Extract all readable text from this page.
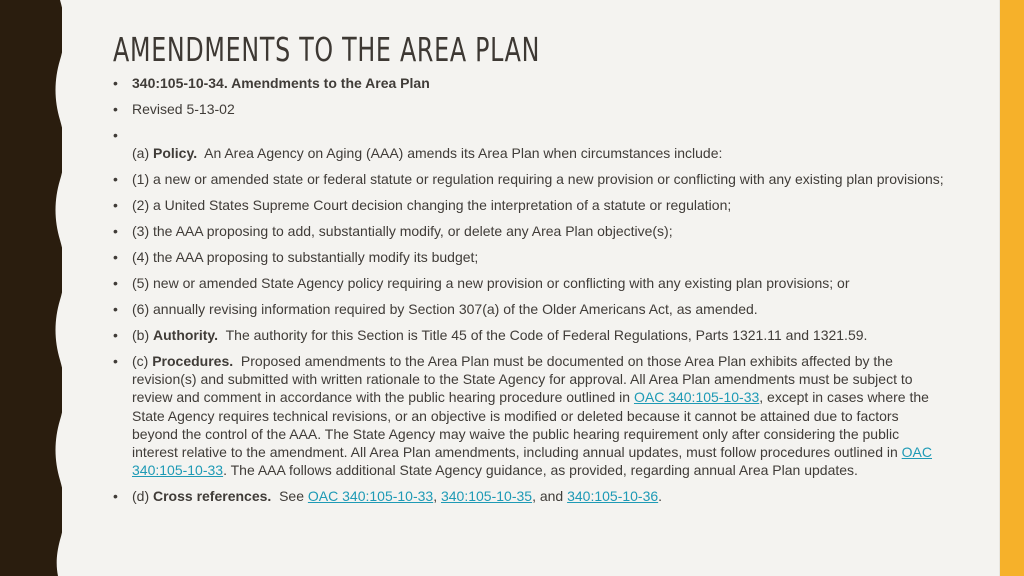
AMENDMENTS TO THE AREA PLAN
• 340:105-10-34. Amendments to the Area Plan
• Revised 5-13-02
• (a) Policy.  An Area Agency on Aging (AAA) amends its Area Plan when circumstances include:
• (1) a new or amended state or federal statute or regulation requiring a new provision or conflicting with any existing plan provisions;
• (2) a United States Supreme Court decision changing the interpretation of a statute or regulation;
• (3) the AAA proposing to add, substantially modify, or delete any Area Plan objective(s);
• (4) the AAA proposing to substantially modify its budget;
• (5) new or amended State Agency policy requiring a new provision or conflicting with any existing plan provisions; or
• (6) annually revising information required by Section 307(a) of the Older Americans Act, as amended.
• (b) Authority.  The authority for this Section is Title 45 of the Code of Federal Regulations, Parts 1321.11 and 1321.59.
• (c) Procedures.  Proposed amendments to the Area Plan must be documented on those Area Plan exhibits affected by the revision(s) and submitted with written rationale to the State Agency for approval. All Area Plan amendments must be subject to review and comment in accordance with the public hearing procedure outlined in OAC 340:105-10-33, except in cases where the State Agency requires technical revisions, or an objective is modified or deleted because it cannot be attained due to factors beyond the control of the AAA. The State Agency may waive the public hearing requirement only after considering the public interest relative to the amendment. All Area Plan amendments, including annual updates, must follow procedures outlined in OAC 340:105-10-33. The AAA follows additional State Agency guidance, as provided, regarding annual Area Plan updates.
• (d) Cross references.  See OAC 340:105-10-33, 340:105-10-35, and 340:105-10-36.
